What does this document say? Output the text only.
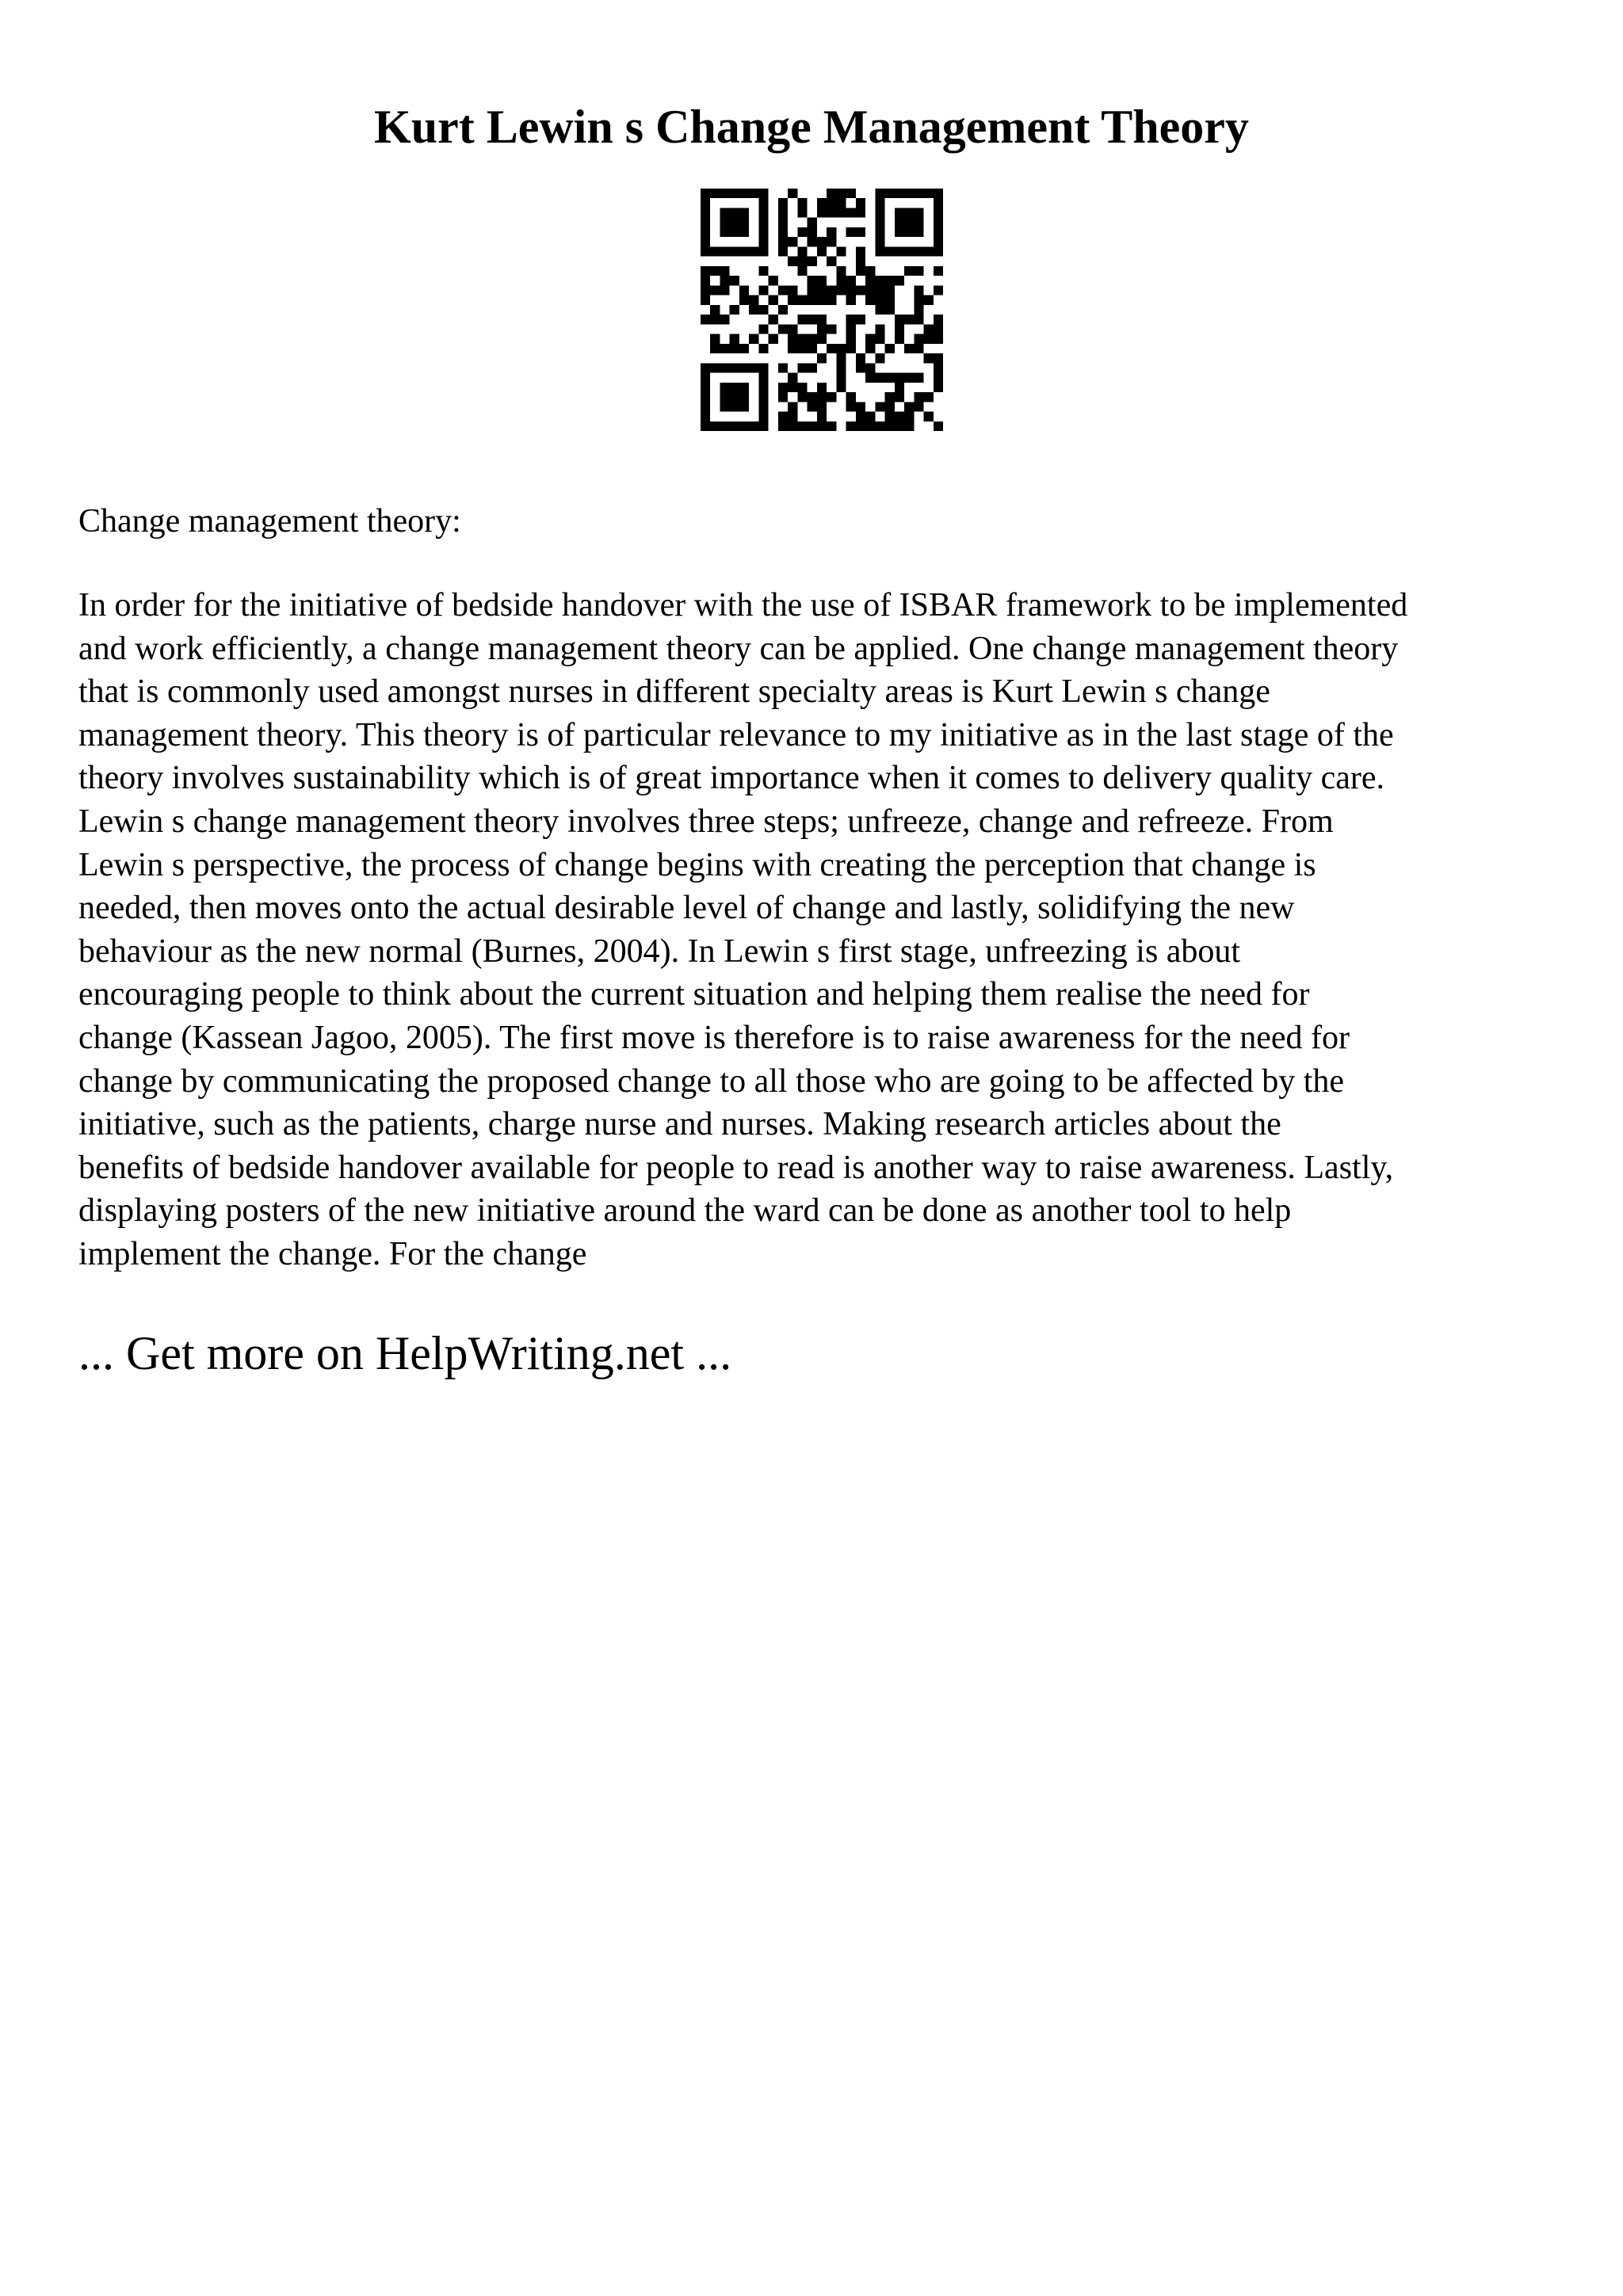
Kurt Lewin s Change Management Theory

Change management theory:

In order for the initiative of bedside handover with the use of ISBAR framework to be implemented
and work efficiently, a change management theory can be applied. One change management theory
that is commonly used amongst nurses in different specialty areas is Kurt Lewin s change
management theory. This theory is of particular relevance to my initiative as in the last stage of the
theory involves sustainability which is of great importance when it comes to delivery quality care.
Lewin s change management theory involves three steps; unfreeze, change and refreeze. From
Lewin s perspective, the process of change begins with creating the perception that change is
needed, then moves onto the actual desirable level of change and lastly, solidifying the new
behaviour as the new normal (Burnes, 2004). In Lewin s first stage, unfreezing is about
encouraging people to think about the current situation and helping them realise the need for
change (Kassean Jagoo, 2005). The first move is therefore is to raise awareness for the need for
change by communicating the proposed change to all those who are going to be affected by the
initiative, such as the patients, charge nurse and nurses. Making research articles about the
benefits of bedside handover available for people to read is another way to raise awareness. Lastly,
displaying posters of the new initiative around the ward can be done as another tool to help
implement the change. For the change
... Get more on HelpWriting.net ...
